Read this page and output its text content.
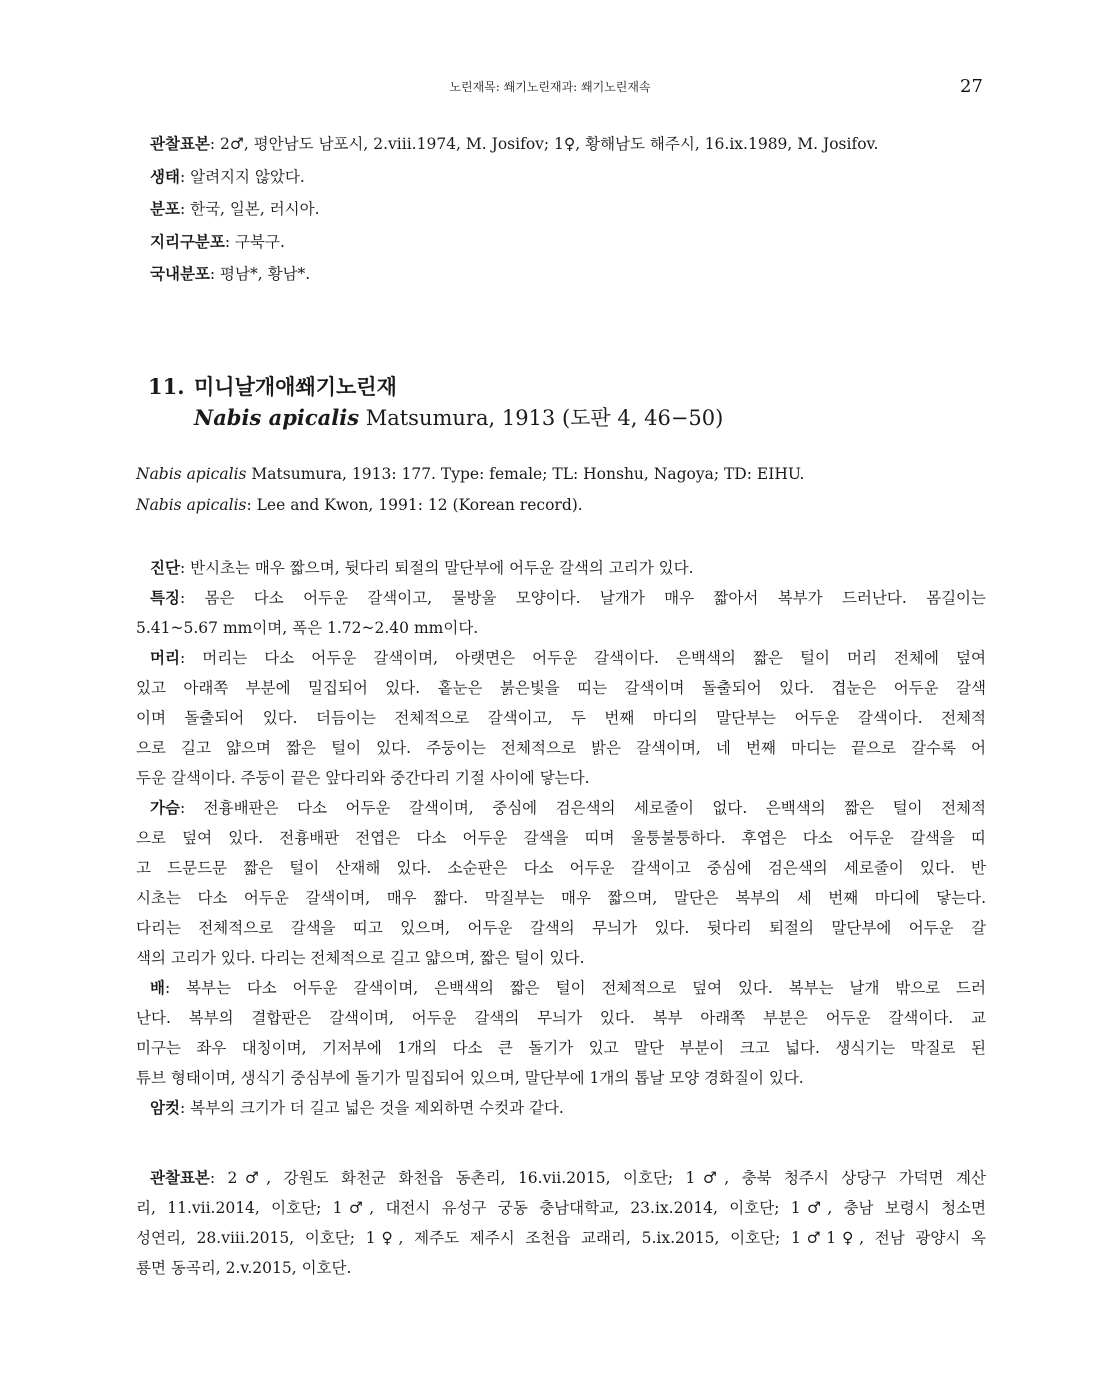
노린재목: 쐐기노린재과: 쐐기노린재속	27
관찰표본: 2♂, 평안남도 남포시, 2.viii.1974, M. Josifov; 1♀, 황해남도 해주시, 16.ix.1989, M. Josifov.
생태: 알려지지 않았다.
분포: 한국, 일본, 러시아.
지리구분포: 구북구.
국내분포: 평남*, 황남*.
11. 미니날개애쐐기노린재
Nabis apicalis Matsumura, 1913 (도판 4, 46−50)
Nabis apicalis Matsumura, 1913: 177. Type: female; TL: Honshu, Nagoya; TD: EIHU.
Nabis apicalis: Lee and Kwon, 1991: 12 (Korean record).
진단: 반시초는 매우 짧으며, 뒷다리 퇴절의 말단부에 어두운 갈색의 고리가 있다.
특징: 몸은 다소 어두운 갈색이고, 물방울 모양이다. 날개가 매우 짧아서 복부가 드러난다. 몸길이는
5.41~5.67 mm이며, 폭은 1.72~2.40 mm이다.
머리: 머리는 다소 어두운 갈색이며, 아랫면은 어두운 갈색이다. 은백색의 짧은 털이 머리 전체에 덮여
있고 아래쪽 부분에 밀집되어 있다. 홑눈은 붉은빛을 띠는 갈색이며 돌출되어 있다. 겹눈은 어두운 갈색
이며 돌출되어 있다. 더듬이는 전체적으로 갈색이고, 두 번째 마디의 말단부는 어두운 갈색이다. 전체적
으로 길고 얇으며 짧은 털이 있다. 주둥이는 전체적으로 밝은 갈색이며, 네 번째 마디는 끝으로 갈수록 어
두운 갈색이다. 주둥이 끝은 앞다리와 중간다리 기절 사이에 닿는다.
가슴: 전흉배판은 다소 어두운 갈색이며, 중심에 검은색의 세로줄이 없다. 은백색의 짧은 털이 전체적
으로 덮여 있다. 전흉배판 전엽은 다소 어두운 갈색을 띠며 울퉁불퉁하다. 후엽은 다소 어두운 갈색을 띠
고 드문드문 짧은 털이 산재해 있다. 소순판은 다소 어두운 갈색이고 중심에 검은색의 세로줄이 있다. 반
시초는 다소 어두운 갈색이며, 매우 짧다. 막질부는 매우 짧으며, 말단은 복부의 세 번째 마디에 닿는다.
다리는 전체적으로 갈색을 띠고 있으며, 어두운 갈색의 무늬가 있다. 뒷다리 퇴절의 말단부에 어두운 갈
색의 고리가 있다. 다리는 전체적으로 길고 얇으며, 짧은 털이 있다.
배: 복부는 다소 어두운 갈색이며, 은백색의 짧은 털이 전체적으로 덮여 있다. 복부는 날개 밖으로 드러
난다. 복부의 결합판은 갈색이며, 어두운 갈색의 무늬가 있다. 복부 아래쪽 부분은 어두운 갈색이다. 교
미구는 좌우 대칭이며, 기저부에 1개의 다소 큰 돌기가 있고 말단 부분이 크고 넓다. 생식기는 막질로 된
튜브 형태이며, 생식기 중심부에 돌기가 밀집되어 있으며, 말단부에 1개의 톱날 모양 경화질이 있다.
암컷: 복부의 크기가 더 길고 넓은 것을 제외하면 수컷과 같다.
관찰표본: 2♂, 강원도 화천군 화천읍 동촌리, 16.vii.2015, 이호단; 1♂, 충북 청주시 상당구 가덕면 계산
리, 11.vii.2014, 이호단; 1♂, 대전시 유성구 궁동 충남대학교, 23.ix.2014, 이호단; 1♂, 충남 보령시 청소면
성연리, 28.viii.2015, 이호단; 1♀, 제주도 제주시 조천읍 교래리, 5.ix.2015, 이호단; 1♂1♀, 전남 광양시 옥
룡면 동곡리, 2.v.2015, 이호단.
